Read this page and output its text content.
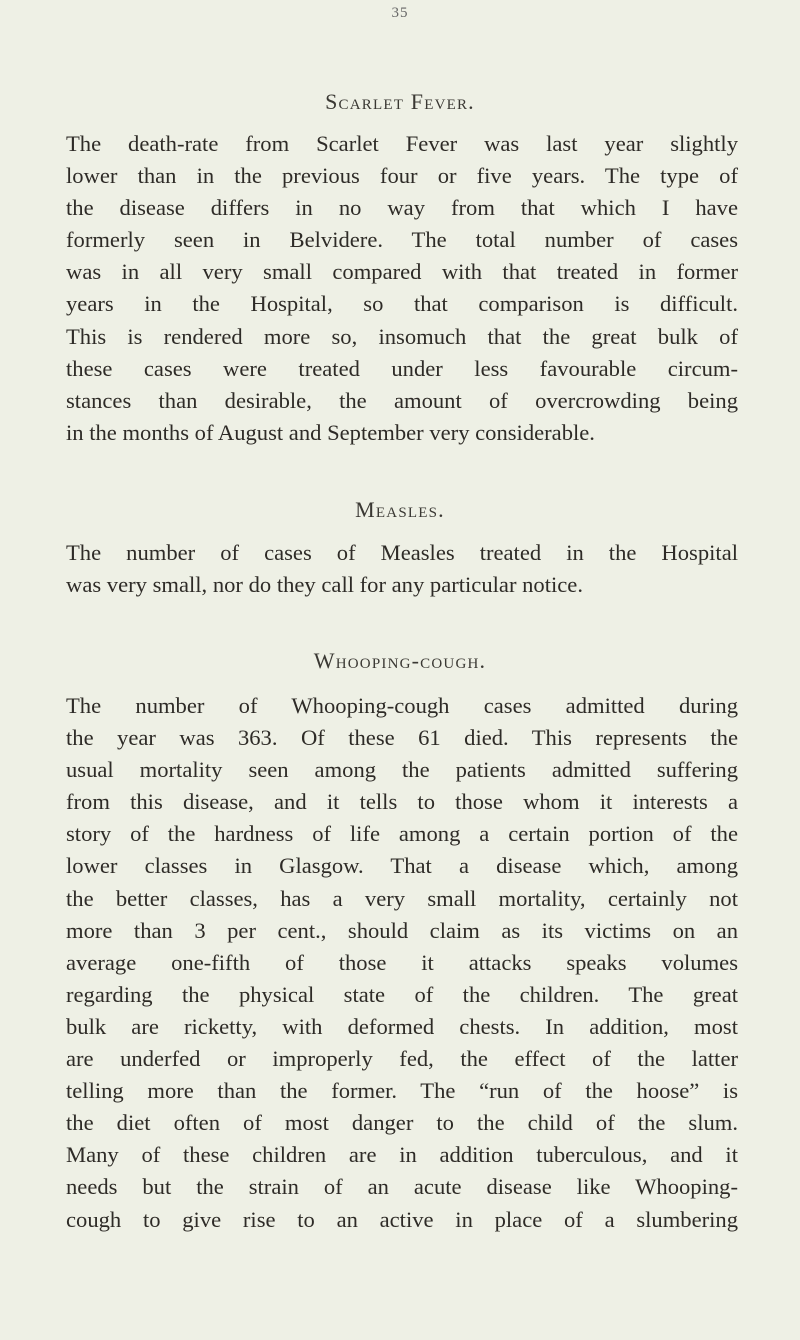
35
Scarlet Fever.
The death-rate from Scarlet Fever was last year slightly
lower than in the previous four or five years. The type of
the disease differs in no way from that which I have
formerly seen in Belvidere. The total number of cases
was in all very small compared with that treated in former
years in the Hospital, so that comparison is difficult.
This is rendered more so, insomuch that the great bulk of
these cases were treated under less favourable circum-
stances than desirable, the amount of overcrowding being
in the months of August and September very considerable.
Measles.
The number of cases of Measles treated in the Hospital
was very small, nor do they call for any particular notice.
Whooping-cough.
The number of Whooping-cough cases admitted during
the year was 363. Of these 61 died. This represents the
usual mortality seen among the patients admitted suffering
from this disease, and it tells to those whom it interests a
story of the hardness of life among a certain portion of the
lower classes in Glasgow. That a disease which, among
the better classes, has a very small mortality, certainly not
more than 3 per cent., should claim as its victims on an
average one-fifth of those it attacks speaks volumes
regarding the physical state of the children. The great
bulk are ricketty, with deformed chests. In addition, most
are underfed or improperly fed, the effect of the latter
telling more than the former. The “run of the hoose” is
the diet often of most danger to the child of the slum.
Many of these children are in addition tuberculous, and it
needs but the strain of an acute disease like Whooping-
cough to give rise to an active in place of a slumbering
